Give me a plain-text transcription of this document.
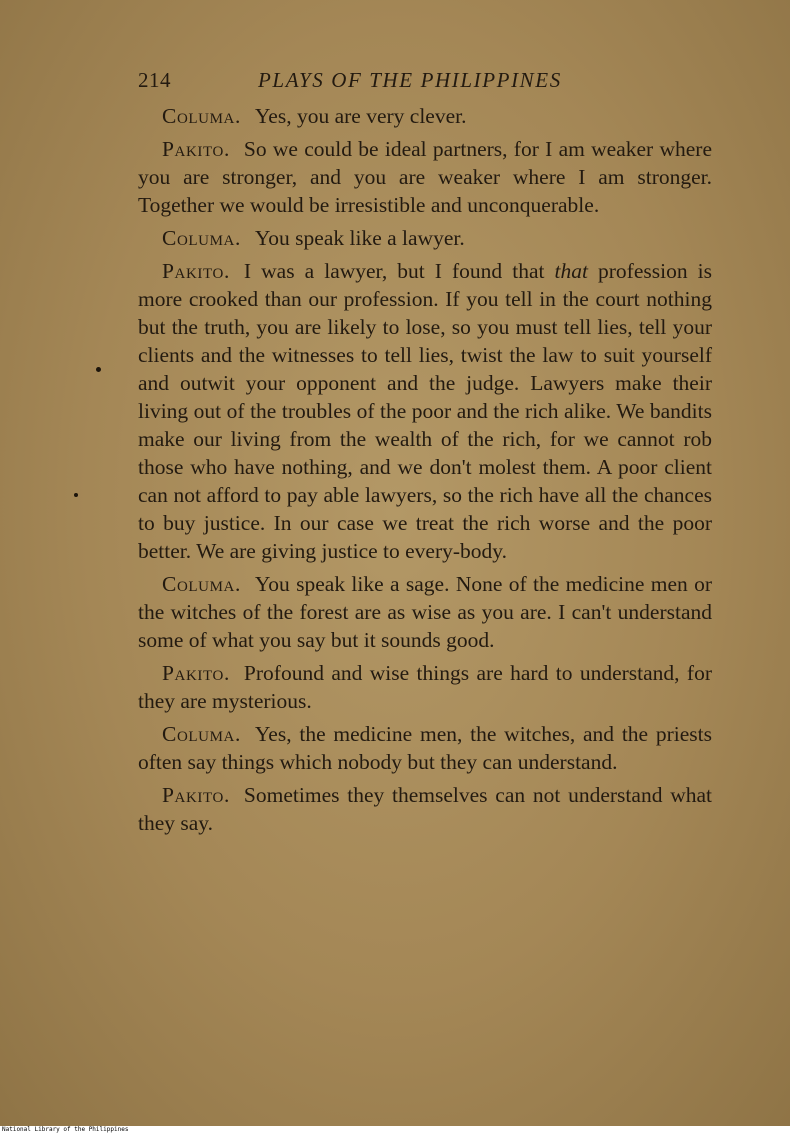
214	PLAYS OF THE PHILIPPINES

Columa. Yes, you are very clever.

Pakito. So we could be ideal partners, for I am weaker where you are stronger, and you are weaker where I am stronger. Together we would be irresistible and unconquerable.

Columa. You speak like a lawyer.

Pakito. I was a lawyer, but I found that that profession is more crooked than our profession. If you tell in the court nothing but the truth, you are likely to lose, so you must tell lies, tell your clients and the witnesses to tell lies, twist the law to suit yourself and outwit your opponent and the judge. Lawyers make their living out of the troubles of the poor and the rich alike. We bandits make our living from the wealth of the rich, for we cannot rob those who have nothing, and we don't molest them. A poor client can not afford to pay able lawyers, so the rich have all the chances to buy justice. In our case we treat the rich worse and the poor better. We are giving justice to every-body.

Columa. You speak like a sage. None of the medicine men or the witches of the forest are as wise as you are. I can't understand some of what you say but it sounds good.

Pakito. Profound and wise things are hard to understand, for they are mysterious.

Columa. Yes, the medicine men, the witches, and the priests often say things which nobody but they can understand.

Pakito. Sometimes they themselves can not understand what they say.

National Library of the Philippines
